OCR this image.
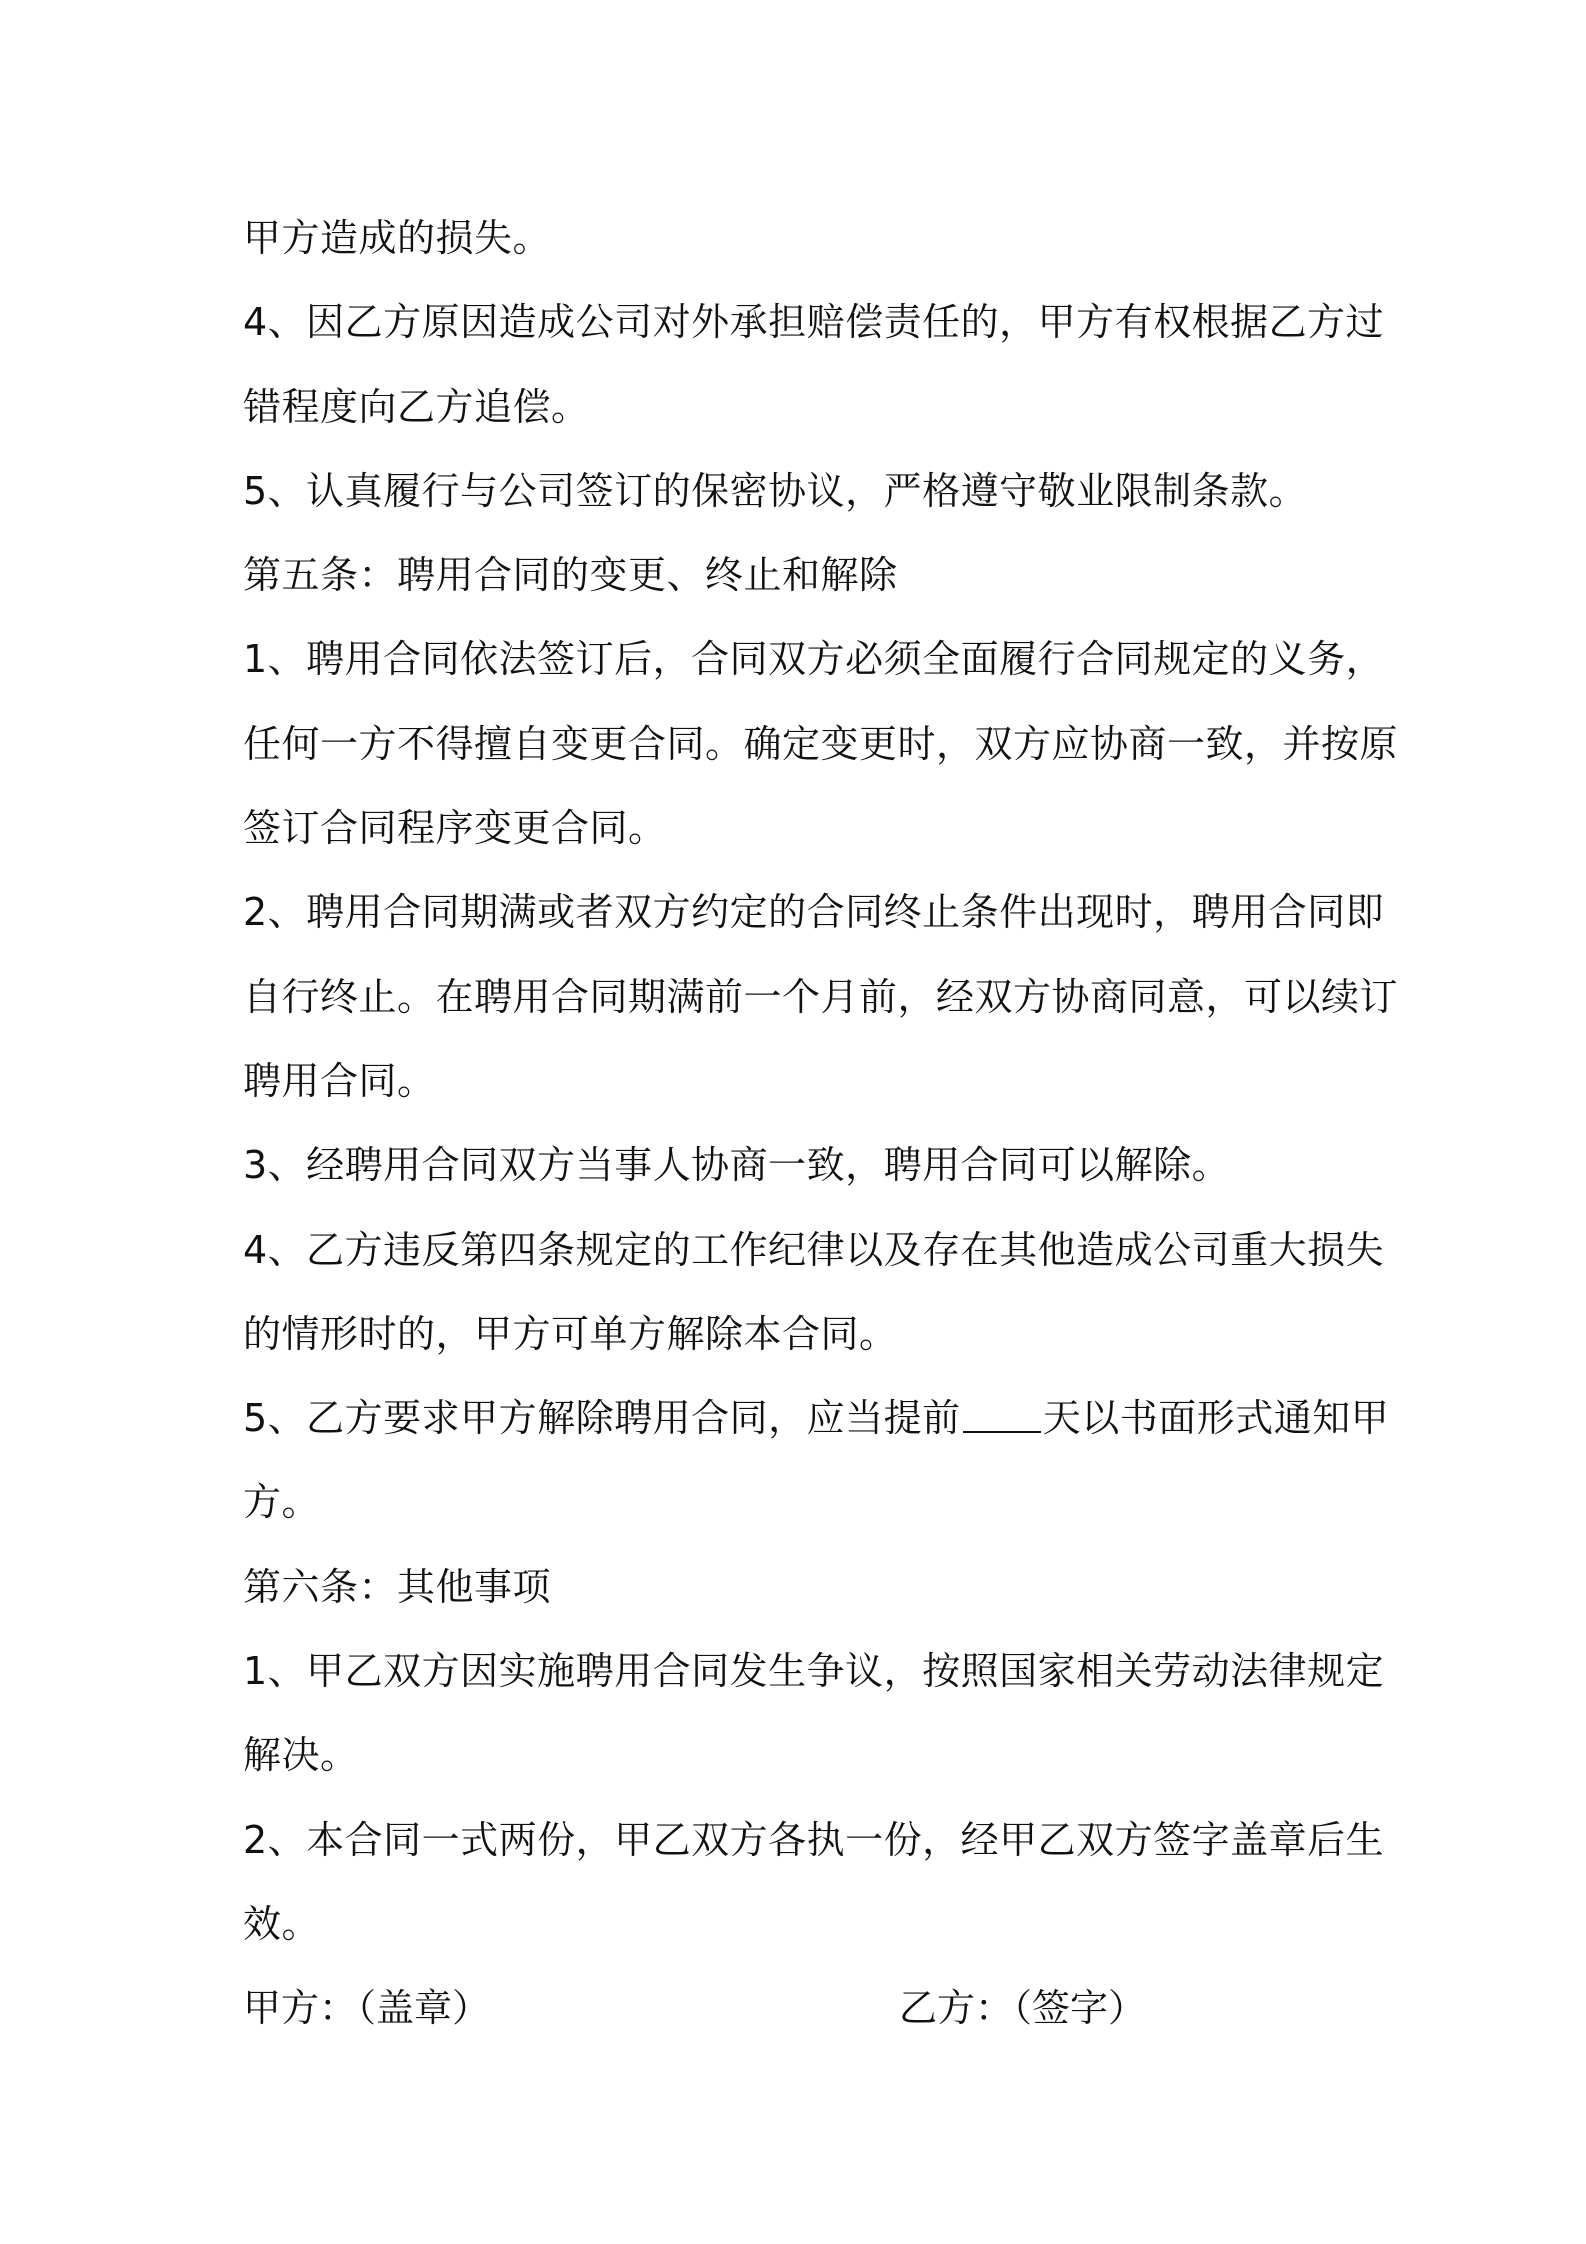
甲方造成的损失。
4、因乙方原因造成公司对外承担赔偿责任的，甲方有权根据乙方过
错程度向乙方追偿。
5、认真履行与公司签订的保密协议，严格遵守敬业限制条款。
第五条：聘用合同的变更、终止和解除
1、聘用合同依法签订后，合同双方必须全面履行合同规定的义务，
任何一方不得擅自变更合同。确定变更时，双方应协商一致，并按原
签订合同程序变更合同。
2、聘用合同期满或者双方约定的合同终止条件出现时，聘用合同即
自行终止。在聘用合同期满前一个月前，经双方协商同意，可以续订
聘用合同。
3、经聘用合同双方当事人协商一致，聘用合同可以解除。
4、乙方违反第四条规定的工作纪律以及存在其他造成公司重大损失
的情形时的，甲方可单方解除本合同。
5、乙方要求甲方解除聘用合同，应当提前 天以书面形式通知甲
方。
第六条：其他事项
1、甲乙双方因实施聘用合同发生争议，按照国家相关劳动法律规定
解决。
2、本合同一式两份，甲乙双方各执一份，经甲乙双方签字盖章后生
效。
甲方：（盖章）	乙方：（签字）
